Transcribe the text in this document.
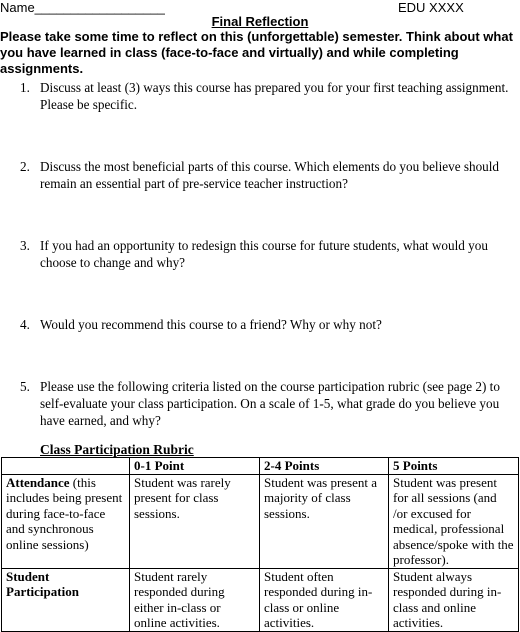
Name__________________	EDU XXXX
Final Reflection
Please take some time to reflect on this (unforgettable) semester. Think about what you have learned in class (face-to-face and virtually) and while completing assignments.
1. Discuss at least (3) ways this course has prepared you for your first teaching assignment. Please be specific.
2. Discuss the most beneficial parts of this course. Which elements do you believe should remain an essential part of pre-service teacher instruction?
3. If you had an opportunity to redesign this course for future students, what would you choose to change and why?
4. Would you recommend this course to a friend? Why or why not?
5. Please use the following criteria listed on the course participation rubric (see page 2) to self-evaluate your class participation. On a scale of 1-5, what grade do you believe you have earned, and why?
Class Participation Rubric
	0-1 Point	2-4 Points	5 Points
Attendance (this includes being present during face-to-face and synchronous online sessions)	Student was rarely present for class sessions.	Student was present a majority of class sessions.	Student was present for all sessions (and /or excused for medical, professional absence/spoke with the professor).
Student Participation	Student rarely responded during either in-class or online activities.	Student often responded during in-class or online activities.	Student always responded during in-class and online activities.
